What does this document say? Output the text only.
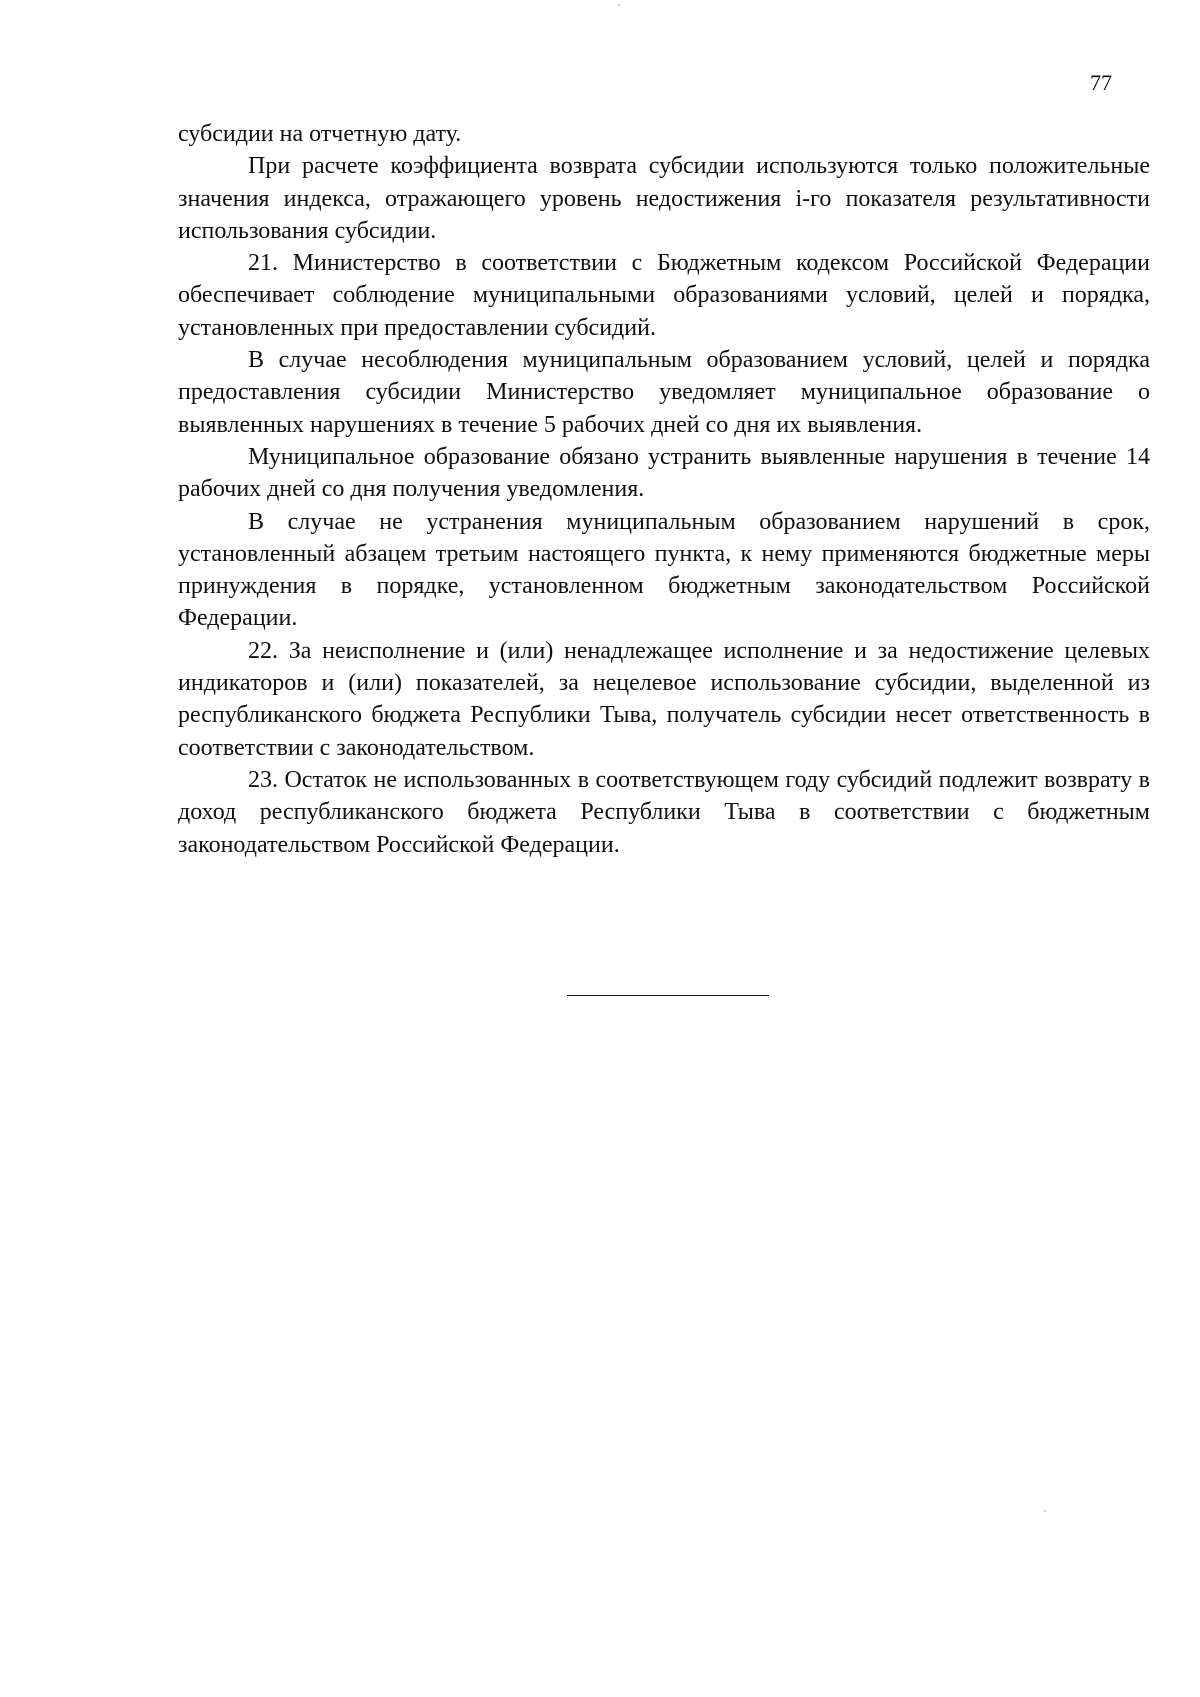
77

субсидии на отчетную дату.

При расчете коэффициента возврата субсидии используются только положительные значения индекса, отражающего уровень недостижения i-го показателя результативности использования субсидии.

21. Министерство в соответствии с Бюджетным кодексом Российской Федерации обеспечивает соблюдение муниципальными образованиями условий, целей и порядка, установленных при предоставлении субсидий.

В случае несоблюдения муниципальным образованием условий, целей и порядка предоставления субсидии Министерство уведомляет муниципальное образование о выявленных нарушениях в течение 5 рабочих дней со дня их выявления.

Муниципальное образование обязано устранить выявленные нарушения в течение 14 рабочих дней со дня получения уведомления.

В случае не устранения муниципальным образованием нарушений в срок, установленный абзацем третьим настоящего пункта, к нему применяются бюджетные меры принуждения в порядке, установленном бюджетным законодательством Российской Федерации.

22. За неисполнение и (или) ненадлежащее исполнение и за недостижение целевых индикаторов и (или) показателей, за нецелевое использование субсидии, выделенной из республиканского бюджета Республики Тыва, получатель субсидии несет ответственность в соответствии с законодательством.

23. Остаток не использованных в соответствующем году субсидий подлежит возврату в доход республиканского бюджета Республики Тыва в соответствии с бюджетным законодательством Российской Федерации.
